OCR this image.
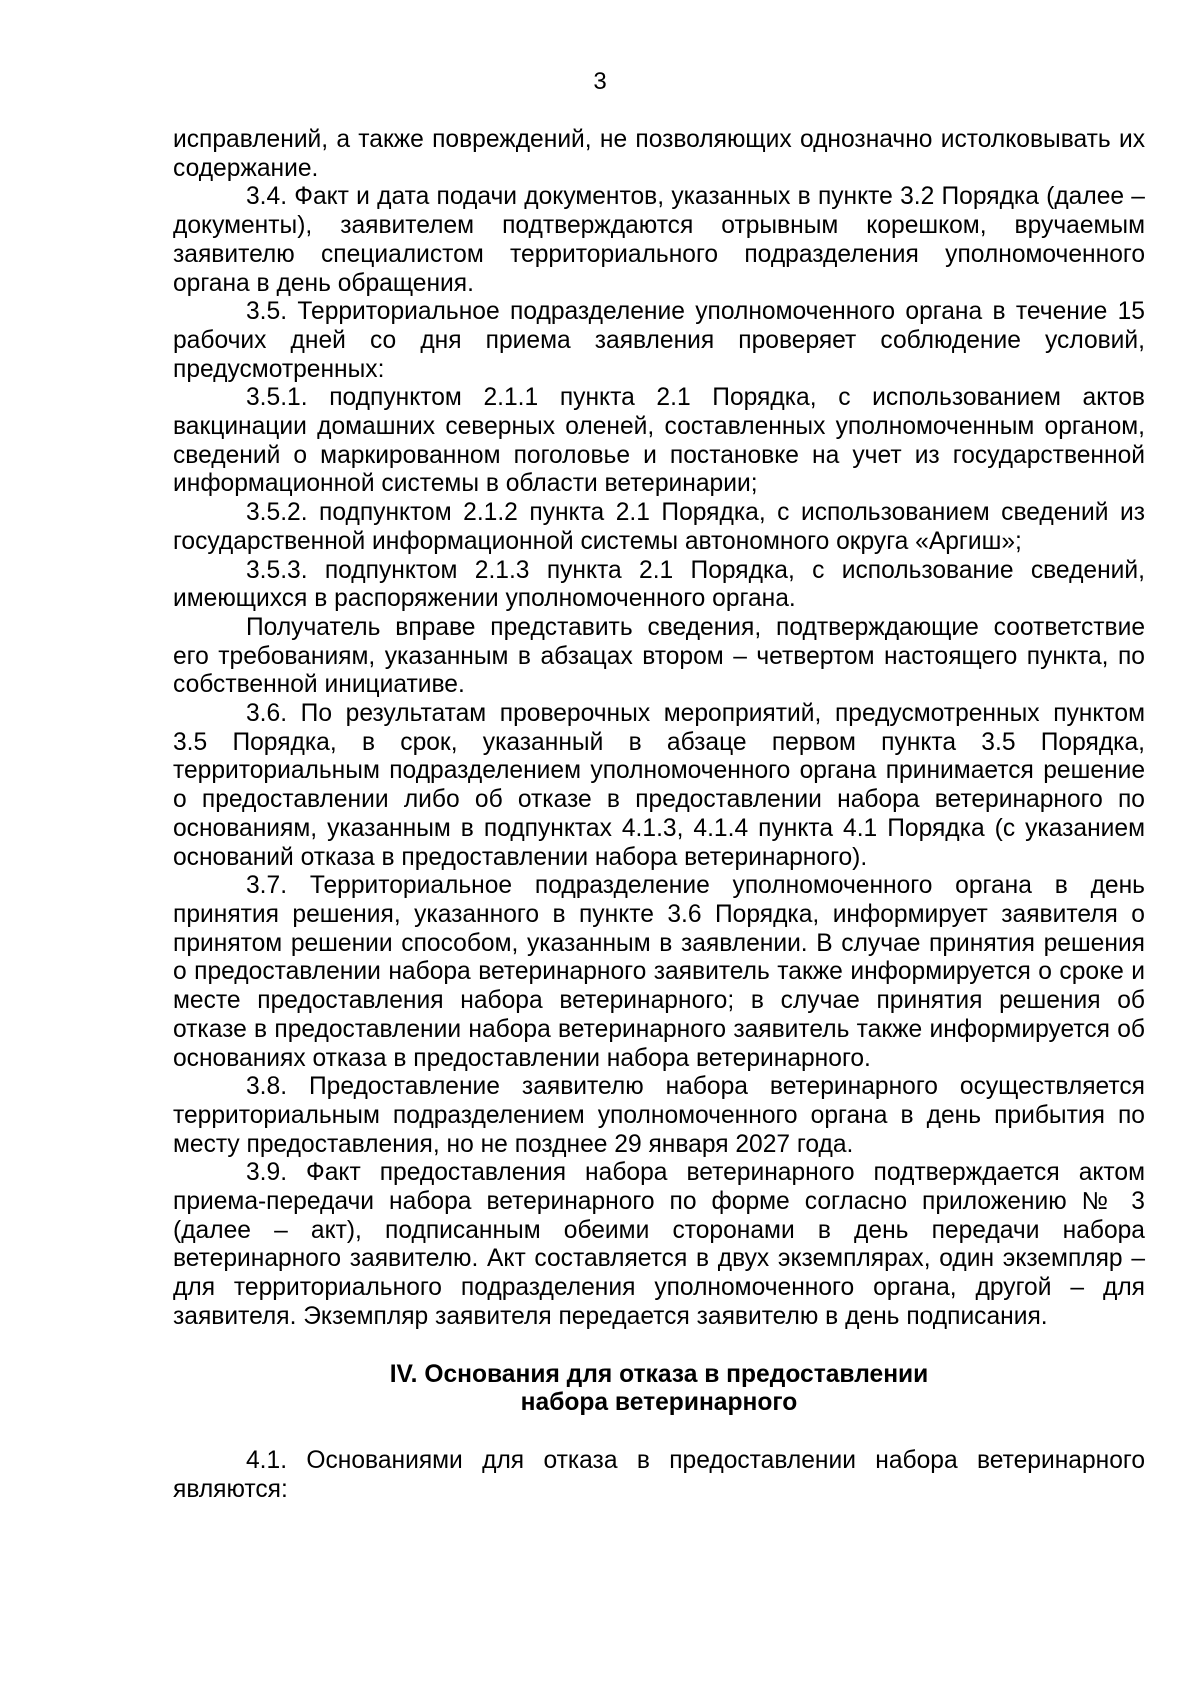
3

исправлений, а также повреждений, не позволяющих однозначно истолковывать их содержание.

3.4. Факт и дата подачи документов, указанных в пункте 3.2 Порядка (далее – документы), заявителем подтверждаются отрывным корешком, вручаемым заявителю специалистом территориального подразделения уполномоченного органа в день обращения.

3.5. Территориальное подразделение уполномоченного органа в течение 15 рабочих дней со дня приема заявления проверяет соблюдение условий, предусмотренных:

3.5.1. подпунктом 2.1.1 пункта 2.1 Порядка, с использованием актов вакцинации домашних северных оленей, составленных уполномоченным органом, сведений о маркированном поголовье и постановке на учет из государственной информационной системы в области ветеринарии;

3.5.2. подпунктом 2.1.2 пункта 2.1 Порядка, с использованием сведений из государственной информационной системы автономного округа «Аргиш»;

3.5.3. подпунктом 2.1.3 пункта 2.1 Порядка, с использование сведений, имеющихся в распоряжении уполномоченного органа.

Получатель вправе представить сведения, подтверждающие соответствие его требованиям, указанным в абзацах втором – четвертом настоящего пункта, по собственной инициативе.

3.6. По результатам проверочных мероприятий, предусмотренных пунктом 3.5 Порядка, в срок, указанный в абзаце первом пункта 3.5 Порядка, территориальным подразделением уполномоченного органа принимается решение о предоставлении либо об отказе в предоставлении набора ветеринарного по основаниям, указанным в подпунктах 4.1.3, 4.1.4 пункта 4.1 Порядка (с указанием оснований отказа в предоставлении набора ветеринарного).

3.7. Территориальное подразделение уполномоченного органа в день принятия решения, указанного в пункте 3.6 Порядка, информирует заявителя о принятом решении способом, указанным в заявлении. В случае принятия решения о предоставлении набора ветеринарного заявитель также информируется о сроке и месте предоставления набора ветеринарного; в случае принятия решения об отказе в предоставлении набора ветеринарного заявитель также информируется об основаниях отказа в предоставлении набора ветеринарного.

3.8. Предоставление заявителю набора ветеринарного осуществляется территориальным подразделением уполномоченного органа в день прибытия по месту предоставления, но не позднее 29 января 2027 года.

3.9. Факт предоставления набора ветеринарного подтверждается актом приема-передачи набора ветеринарного по форме согласно приложению № 3 (далее – акт), подписанным обеими сторонами в день передачи набора ветеринарного заявителю. Акт составляется в двух экземплярах, один экземпляр – для территориального подразделения уполномоченного органа, другой – для заявителя. Экземпляр заявителя передается заявителю в день подписания.

IV. Основания для отказа в предоставлении
набора ветеринарного

4.1. Основаниями для отказа в предоставлении набора ветеринарного являются:
